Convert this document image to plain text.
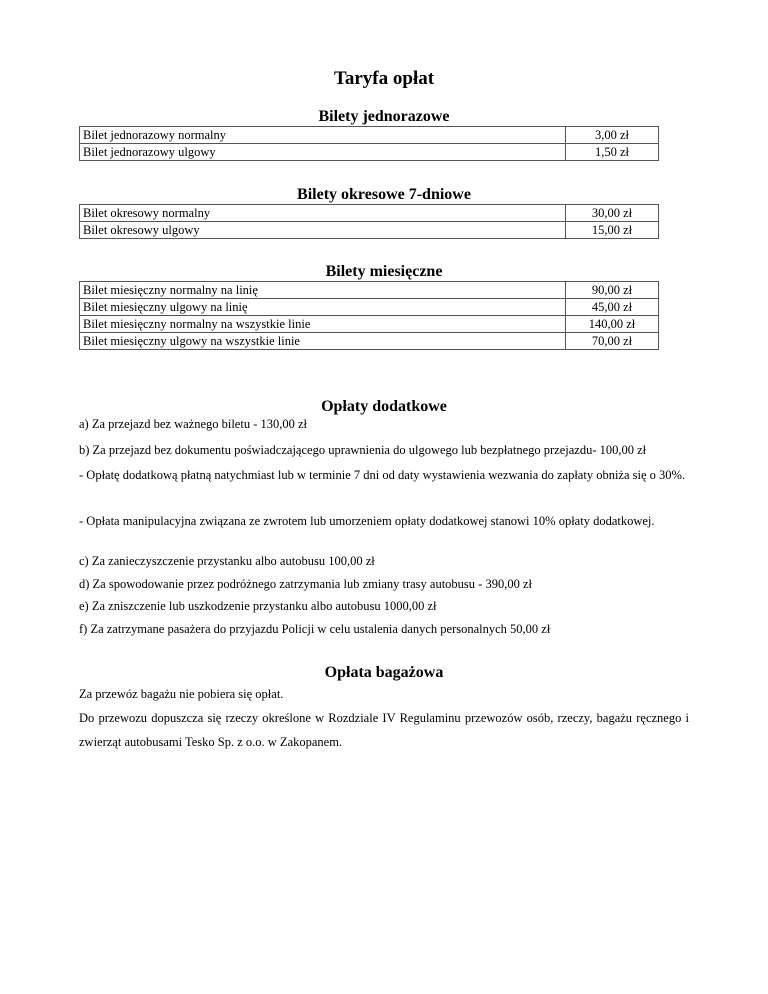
Taryfa opłat
Bilety jednorazowe
Bilet jednorazowy normalny	3,00 zł
Bilet jednorazowy ulgowy	1,50 zł
Bilety okresowe 7-dniowe
Bilet okresowy normalny	30,00 zł
Bilet okresowy ulgowy	15,00 zł
Bilety miesięczne
Bilet miesięczny normalny na linię	90,00 zł
Bilet miesięczny ulgowy na linię	45,00 zł
Bilet miesięczny normalny na wszystkie linie	140,00 zł
Bilet miesięczny ulgowy na wszystkie linie	70,00 zł
Opłaty dodatkowe
a) Za przejazd bez ważnego biletu - 130,00 zł
b) Za przejazd bez dokumentu poświadczającego uprawnienia do ulgowego lub bezpłatnego przejazdu- 100,00 zł
- Opłatę dodatkową płatną natychmiast lub w terminie 7 dni od daty wystawienia wezwania do zapłaty obniża się o 30%.
- Opłata manipulacyjna związana ze zwrotem lub umorzeniem opłaty dodatkowej stanowi 10% opłaty dodatkowej.
c) Za zanieczyszczenie przystanku albo autobusu 100,00 zł
d) Za spowodowanie przez podróżnego zatrzymania lub zmiany trasy autobusu - 390,00 zł
e) Za zniszczenie lub uszkodzenie przystanku albo autobusu 1000,00 zł
f) Za zatrzymane pasażera do przyjazdu Policji w celu ustalenia danych personalnych 50,00 zł
Opłata bagażowa
Za przewóz bagażu nie pobiera się opłat.
Do przewozu dopuszcza się rzeczy określone w Rozdziale IV Regulaminu przewozów osób, rzeczy, bagażu ręcznego i zwierząt autobusami Tesko Sp. z o.o. w Zakopanem.
